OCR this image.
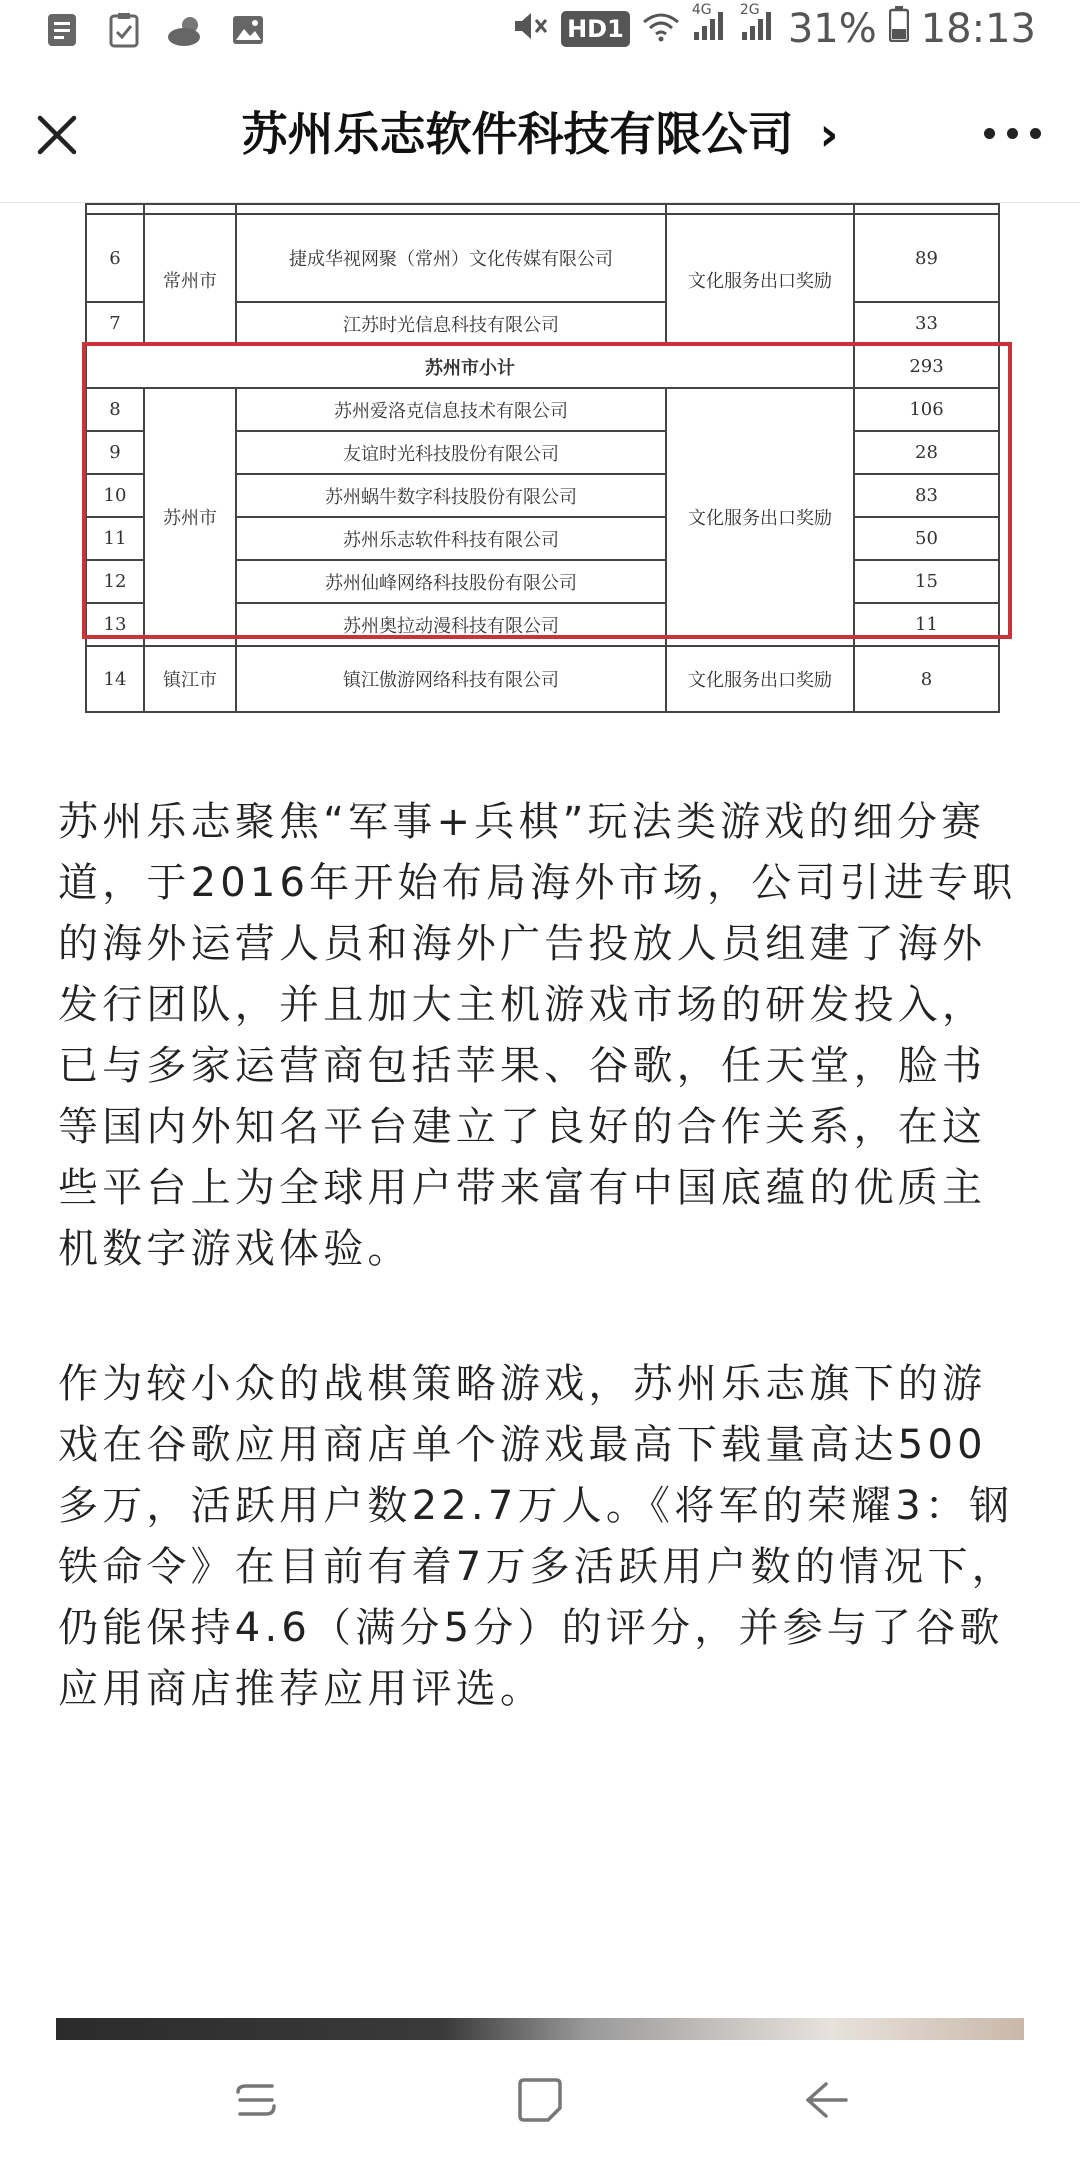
HD1
4G 2G 31% 18:13
苏州乐志软件科技有限公司 ›

6	常州市	捷成华视网聚（常州）文化传媒有限公司	文化服务出口奖励	89
7		江苏时光信息科技有限公司		33
苏州市小计				293
8	苏州市	苏州爱洛克信息技术有限公司	文化服务出口奖励	106
9		友谊时光科技股份有限公司		28
10		苏州蜗牛数字科技股份有限公司		83
11		苏州乐志软件科技有限公司		50
12		苏州仙峰网络科技股份有限公司		15
13		苏州奥拉动漫科技有限公司		11
14	镇江市	镇江傲游网络科技有限公司	文化服务出口奖励	8

苏州乐志聚焦“军事+兵棋”玩法类游戏的细分赛道，于2016年开始布局海外市场，公司引进专职的海外运营人员和海外广告投放人员组建了海外发行团队，并且加大主机游戏市场的研发投入，已与多家运营商包括苹果、谷歌，任天堂，脸书等国内外知名平台建立了良好的合作关系，在这些平台上为全球用户带来富有中国底蕴的优质主机数字游戏体验。

作为较小众的战棋策略游戏，苏州乐志旗下的游戏在谷歌应用商店单个游戏最高下载量高达500多万，活跃用户数22.7万人。《将军的荣耀3：钢铁命令》在目前有着7万多活跃用户数的情况下，仍能保持4.6（满分5分）的评分，并参与了谷歌应用商店推荐应用评选。
